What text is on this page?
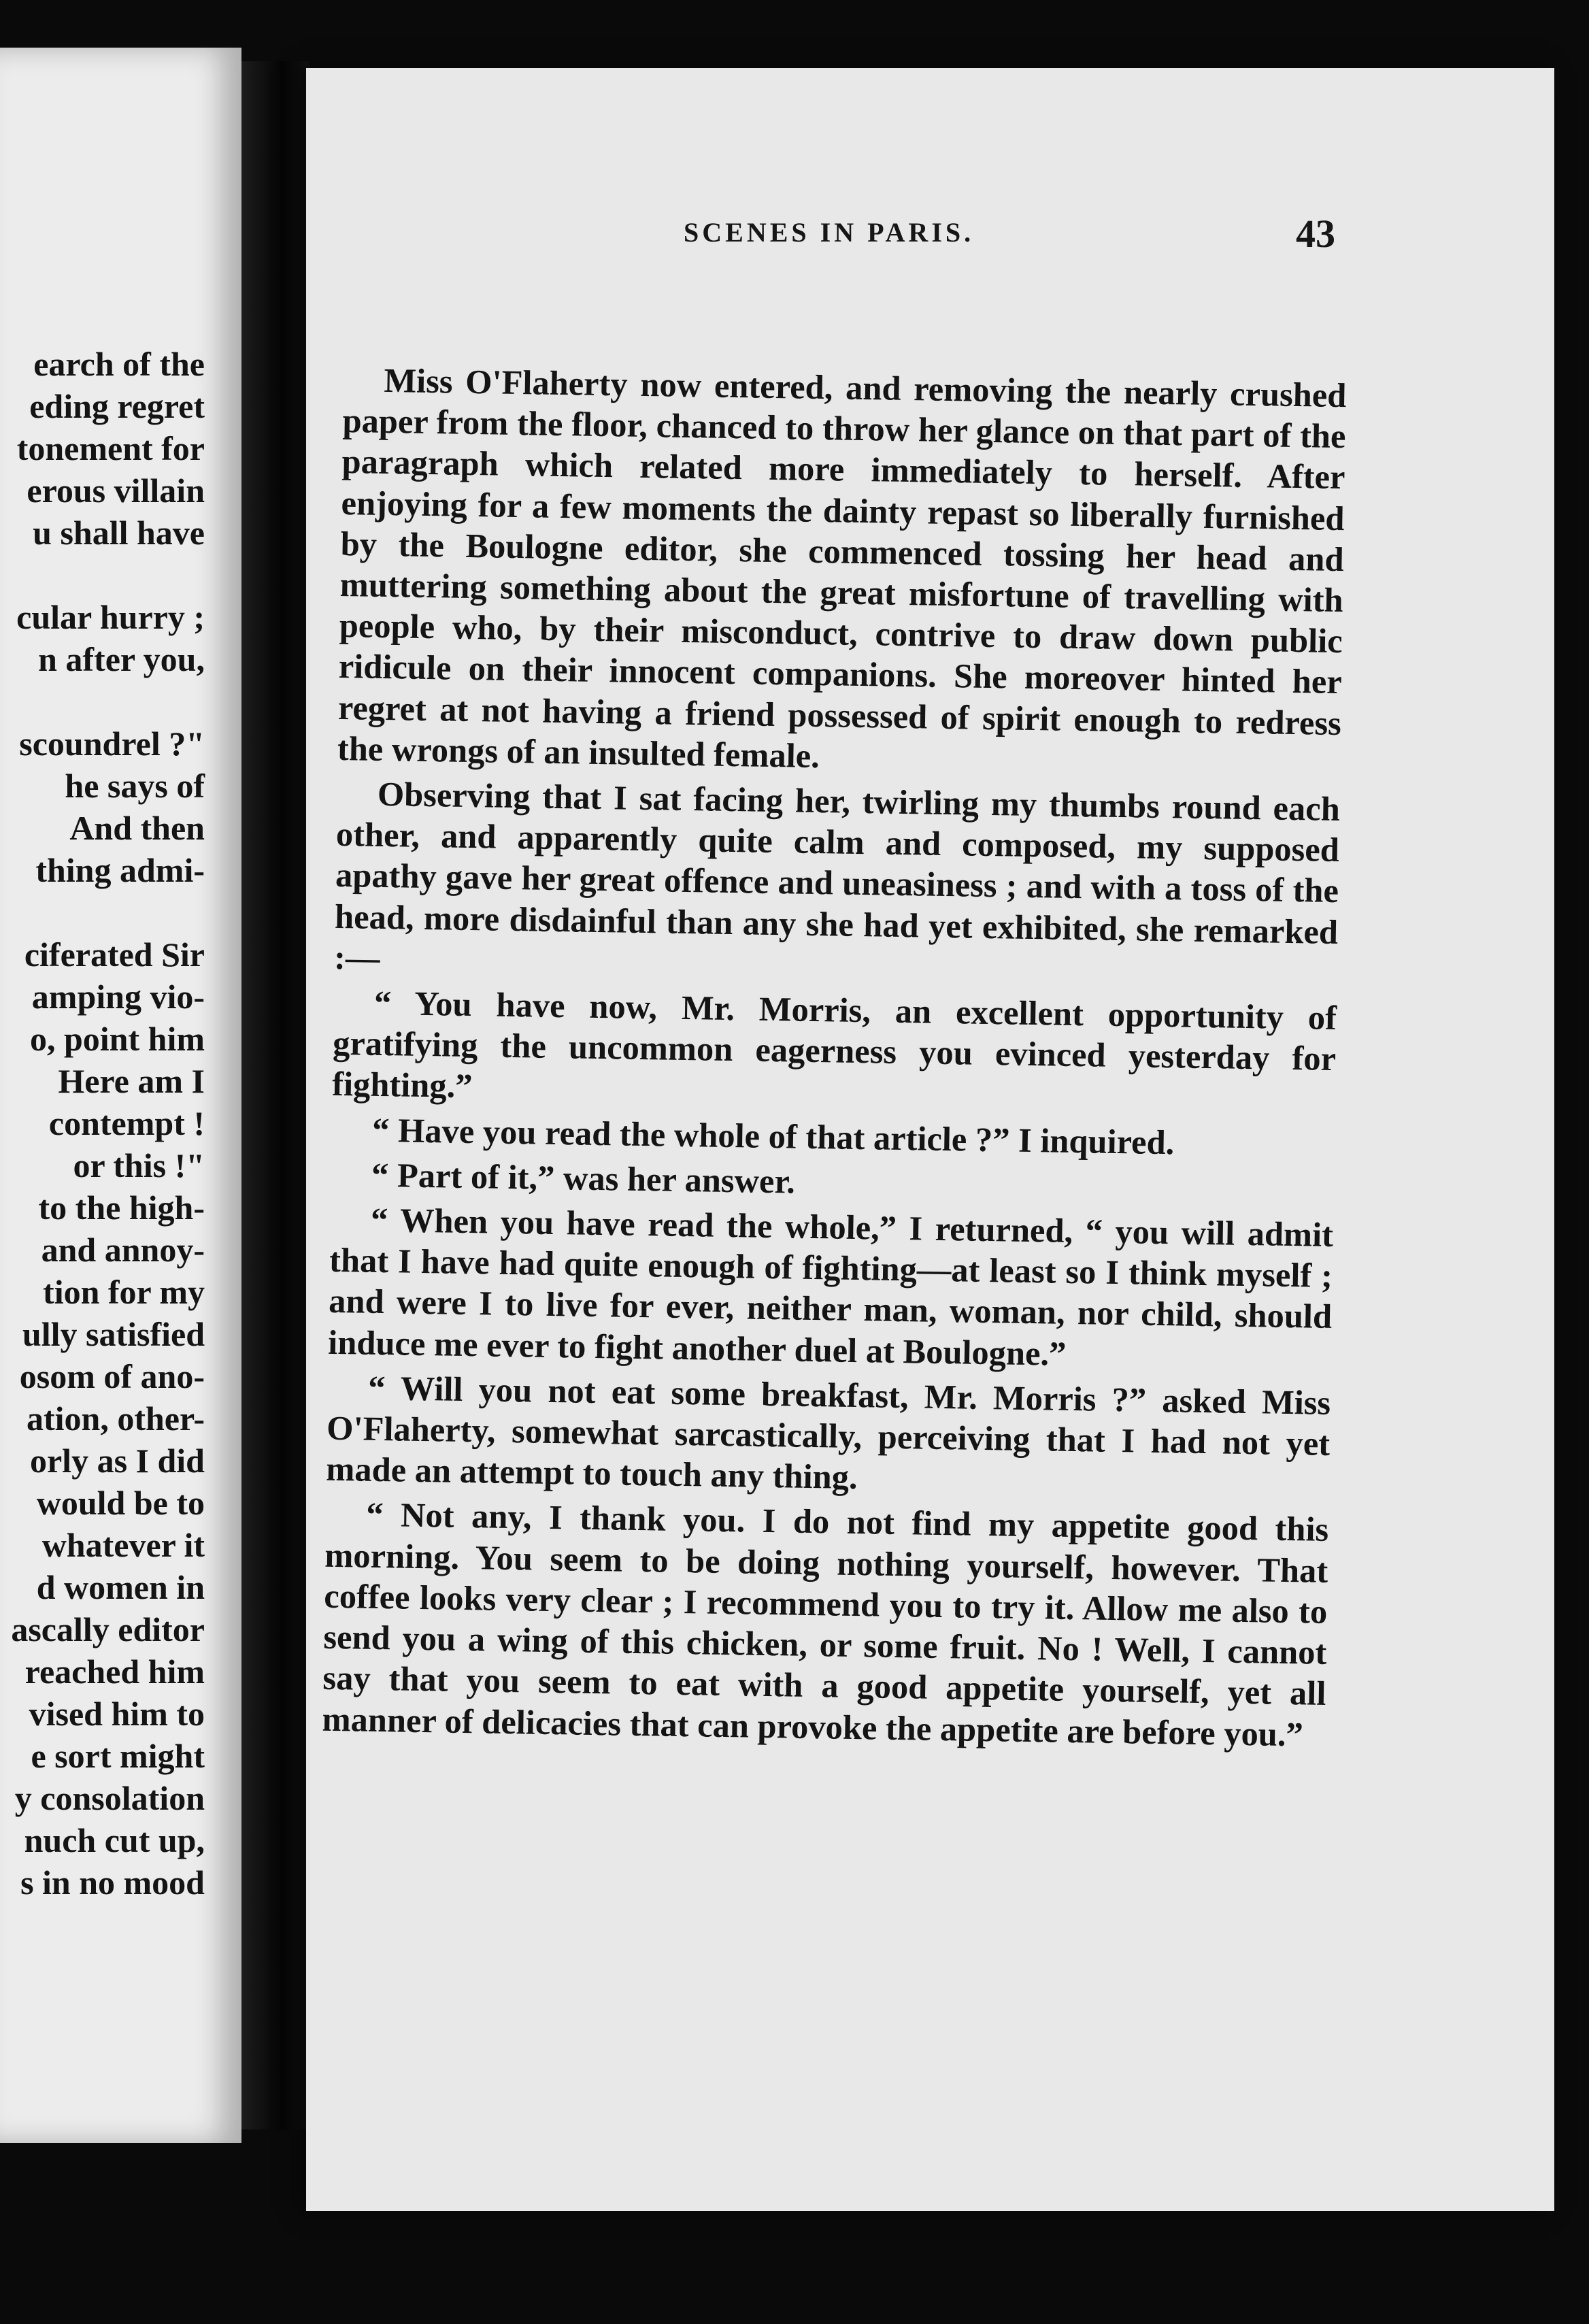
earch of the
eding regret
tonement for
erous villain
u shall have
cular hurry ;
n after you,
scoundrel ?"
he says of
And then
thing admi-
ciferated Sir
amping vio-
o, point him
Here am I
contempt !
or this !"
to the high-
and annoy-
tion for my
ully satisfied
osom of ano-
ation, other-
orly as I did
would be to
whatever it
d women in
ascally editor
reached him
vised him to
e sort might
y consolation
nuch cut up,
s in no mood
SCENES IN PARIS.	43

Miss O'Flaherty now entered, and removing the nearly crushed paper from the floor, chanced to throw her glance on that part of the paragraph which related more immediately to herself. After enjoying for a few moments the dainty repast so liberally furnished by the Boulogne editor, she commenced tossing her head and muttering something about the great misfortune of travelling with people who, by their misconduct, contrive to draw down public ridicule on their innocent companions. She moreover hinted her regret at not having a friend possessed of spirit enough to redress the wrongs of an insulted female.

Observing that I sat facing her, twirling my thumbs round each other, and apparently quite calm and composed, my supposed apathy gave her great offence and uneasiness ; and with a toss of the head, more disdainful than any she had yet exhibited, she remarked :—

“ You have now, Mr. Morris, an excellent opportunity of gratifying the uncommon eagerness you evinced yesterday for fighting.”

“ Have you read the whole of that article ?” I inquired.

“ Part of it,” was her answer.

“ When you have read the whole,” I returned, “ you will admit that I have had quite enough of fighting—at least so I think myself ; and were I to live for ever, neither man, woman, nor child, should induce me ever to fight another duel at Boulogne.”

“ Will you not eat some breakfast, Mr. Morris ?” asked Miss O'Flaherty, somewhat sarcastically, perceiving that I had not yet made an attempt to touch any thing.

“ Not any, I thank you. I do not find my appetite good this morning. You seem to be doing nothing yourself, however. That coffee looks very clear ; I recommend you to try it. Allow me also to send you a wing of this chicken, or some fruit. No ! Well, I cannot say that you seem to eat with a good appetite yourself, yet all manner of delicacies that can provoke the appetite are before you.”
